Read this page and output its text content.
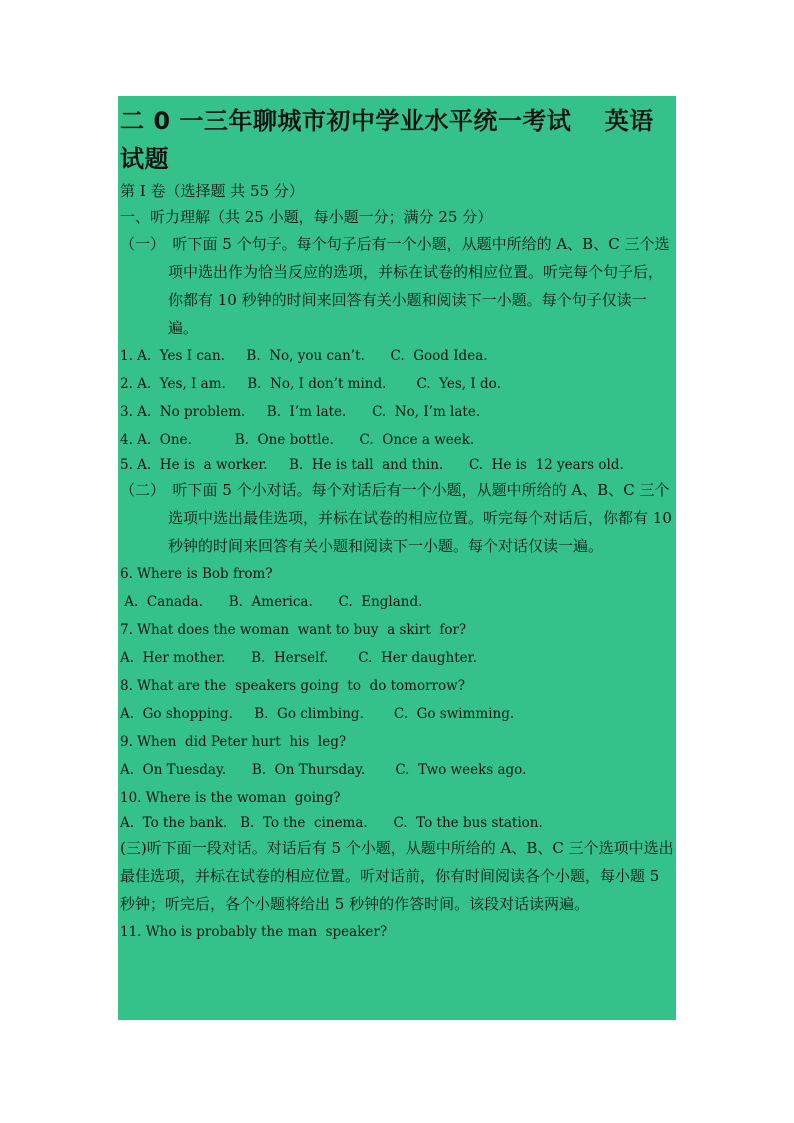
二 0 一三年聊城市初中学业水平统一考试　 英语试题
第 I 卷（选择题 共 55 分）
一、听力理解（共 25 小题，每小题一分；满分 25 分）
（一）　听下面 5 个句子。每个句子后有一个小题，从题中所给的 A、B、C 三个选项中选出作为恰当反应的选项，并标在试卷的相应位置。听完每个句子后，你都有 10 秒钟的时间来回答有关小题和阅读下一小题。每个句子仅读一遍。
1. A.  Yes I can.     B.  No, you can’t.      C.  Good Idea.
2. A.  Yes, I am.     B.  No, I don’t mind.       C.  Yes, I do.
3. A.  No problem.     B.  I’m late.      C.  No, I’m late.
4. A.  One.          B.  One bottle.      C.  Once a week.
5. A.  He is  a worker.     B.  He is tall  and thin.      C.  He is  12 years old.
（二）　听下面 5 个小对话。每个对话后有一个小题，从题中所给的 A、B、C 三个选项中选出最佳选项，并标在试卷的相应位置。听完每个对话后，你都有 10 秒钟的时间来回答有关小题和阅读下一小题。每个对话仅读一遍。
6. Where is Bob from?
A.  Canada.      B.  America.      C.  England.
7. What does the woman  want to buy  a skirt  for?
A.  Her mother.      B.  Herself.       C.  Her daughter.
8. What are the  speakers going  to  do tomorrow?
A.  Go shopping.     B.  Go climbing.       C.  Go swimming.
9. When  did Peter hurt  his  leg?
A.  On Tuesday.      B.  On Thursday.       C.  Two weeks ago.
10. Where is the woman  going?
A.  To the bank.   B.  To the  cinema.      C.  To the bus station.
(三)听下面一段对话。对话后有 5 个小题，从题中所给的 A、B、C 三个选项中选出最佳选项，并标在试卷的相应位置。听对话前，你有时间阅读各个小题，每小题 5 秒钟；听完后，各个小题将给出 5 秒钟的作答时间。该段对话读两遍。
11. Who is probably the man  speaker?
